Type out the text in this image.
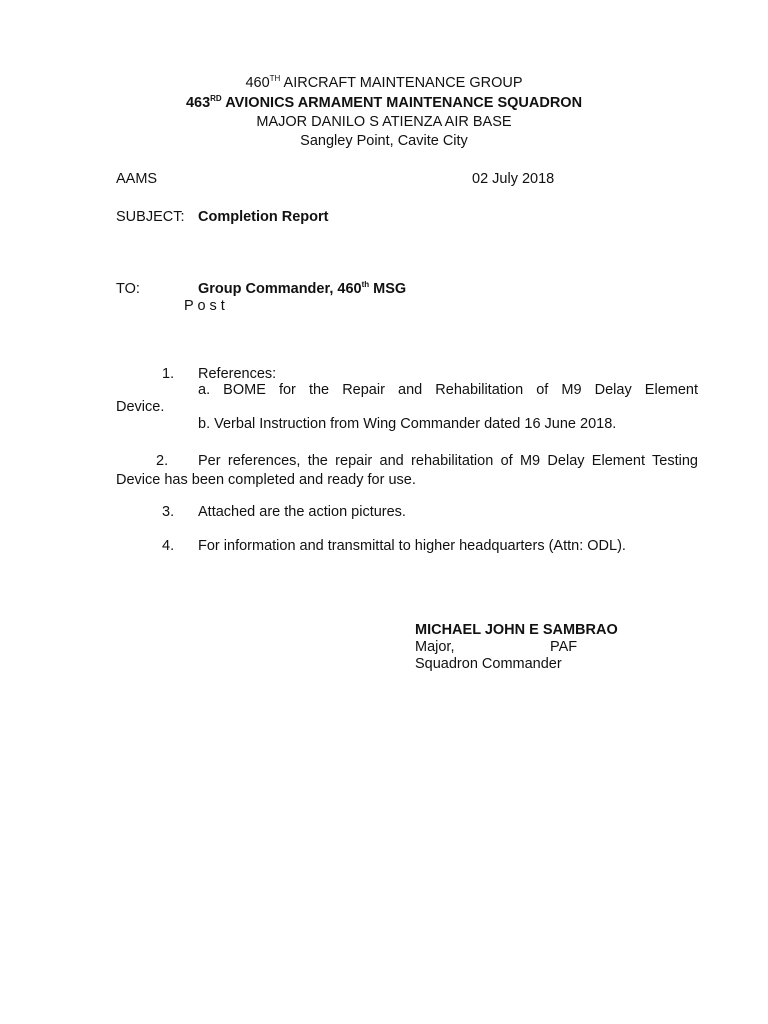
460TH AIRCRAFT MAINTENANCE GROUP
463RD AVIONICS ARMAMENT MAINTENANCE SQUADRON
MAJOR DANILO S ATIENZA AIR BASE
Sangley Point, Cavite City
AAMS	02 July 2018
SUBJECT: Completion Report
TO:	Group Commander, 460th MSG
P o s t
1. References:
a. BOME for the Repair and Rehabilitation of M9 Delay Element
Device.
b. Verbal Instruction from Wing Commander dated 16 June 2018.
2. Per references, the repair and rehabilitation of M9 Delay Element Testing
Device has been completed and ready for use.
3. Attached are the action pictures.
4. For information and transmittal to higher headquarters (Attn: ODL).
MICHAEL JOHN E SAMBRAO
Major,	PAF
Squadron Commander
